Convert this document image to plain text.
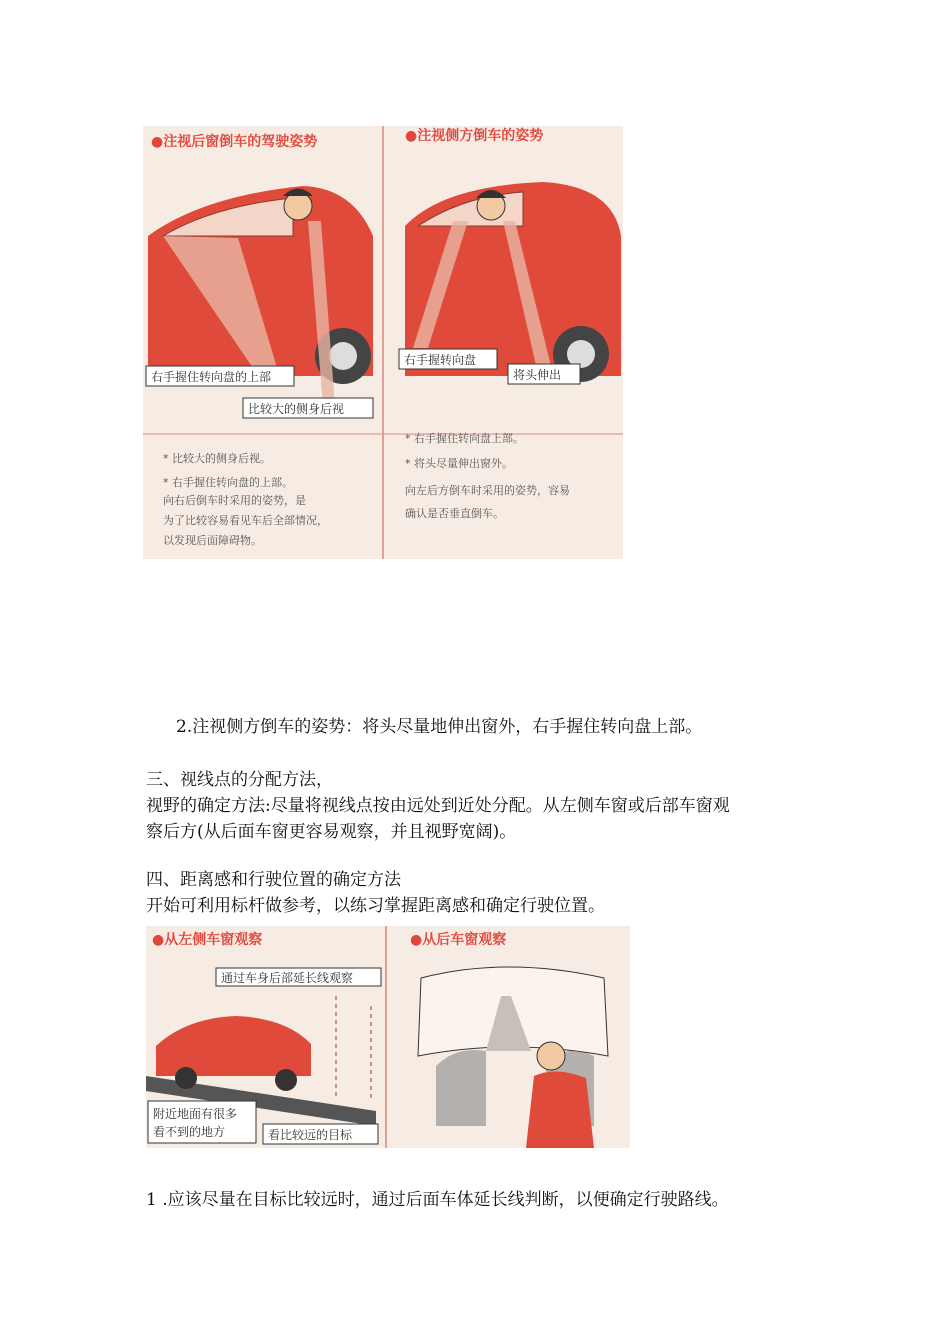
●注视后窗倒车的驾驶姿势
右手握住转向盘的上部
比较大的侧身后视
* 比较大的侧身后视。
* 右手握住转向盘的上部。
向右后倒车时采用的姿势，是
为了比较容易看见车后全部情况，
以发现后面障碍物。
●注视侧方倒车的姿势
右手握转向盘
将头伸出
* 右手握住转向盘上部。
* 将头尽量伸出窗外。
向左后方倒车时采用的姿势，容易
确认是否垂直倒车。
2.注视侧方倒车的姿势：将头尽量地伸出窗外，右手握住转向盘上部。
三、视线点的分配方法，
视野的确定方法:尽量将视线点按由远处到近处分配。从左侧车窗或后部车窗观
察后方(从后面车窗更容易观察，并且视野宽阔)。
四、距离感和行驶位置的确定方法
开始可利用标杆做参考，以练习掌握距离感和确定行驶位置。
●从左侧车窗观察
通过车身后部延长线观察
附近地面有很多
看不到的地方	看比较远的目标
●从后车窗观察
1 .应该尽量在目标比较远时，通过后面车体延长线判断，以便确定行驶路线。
